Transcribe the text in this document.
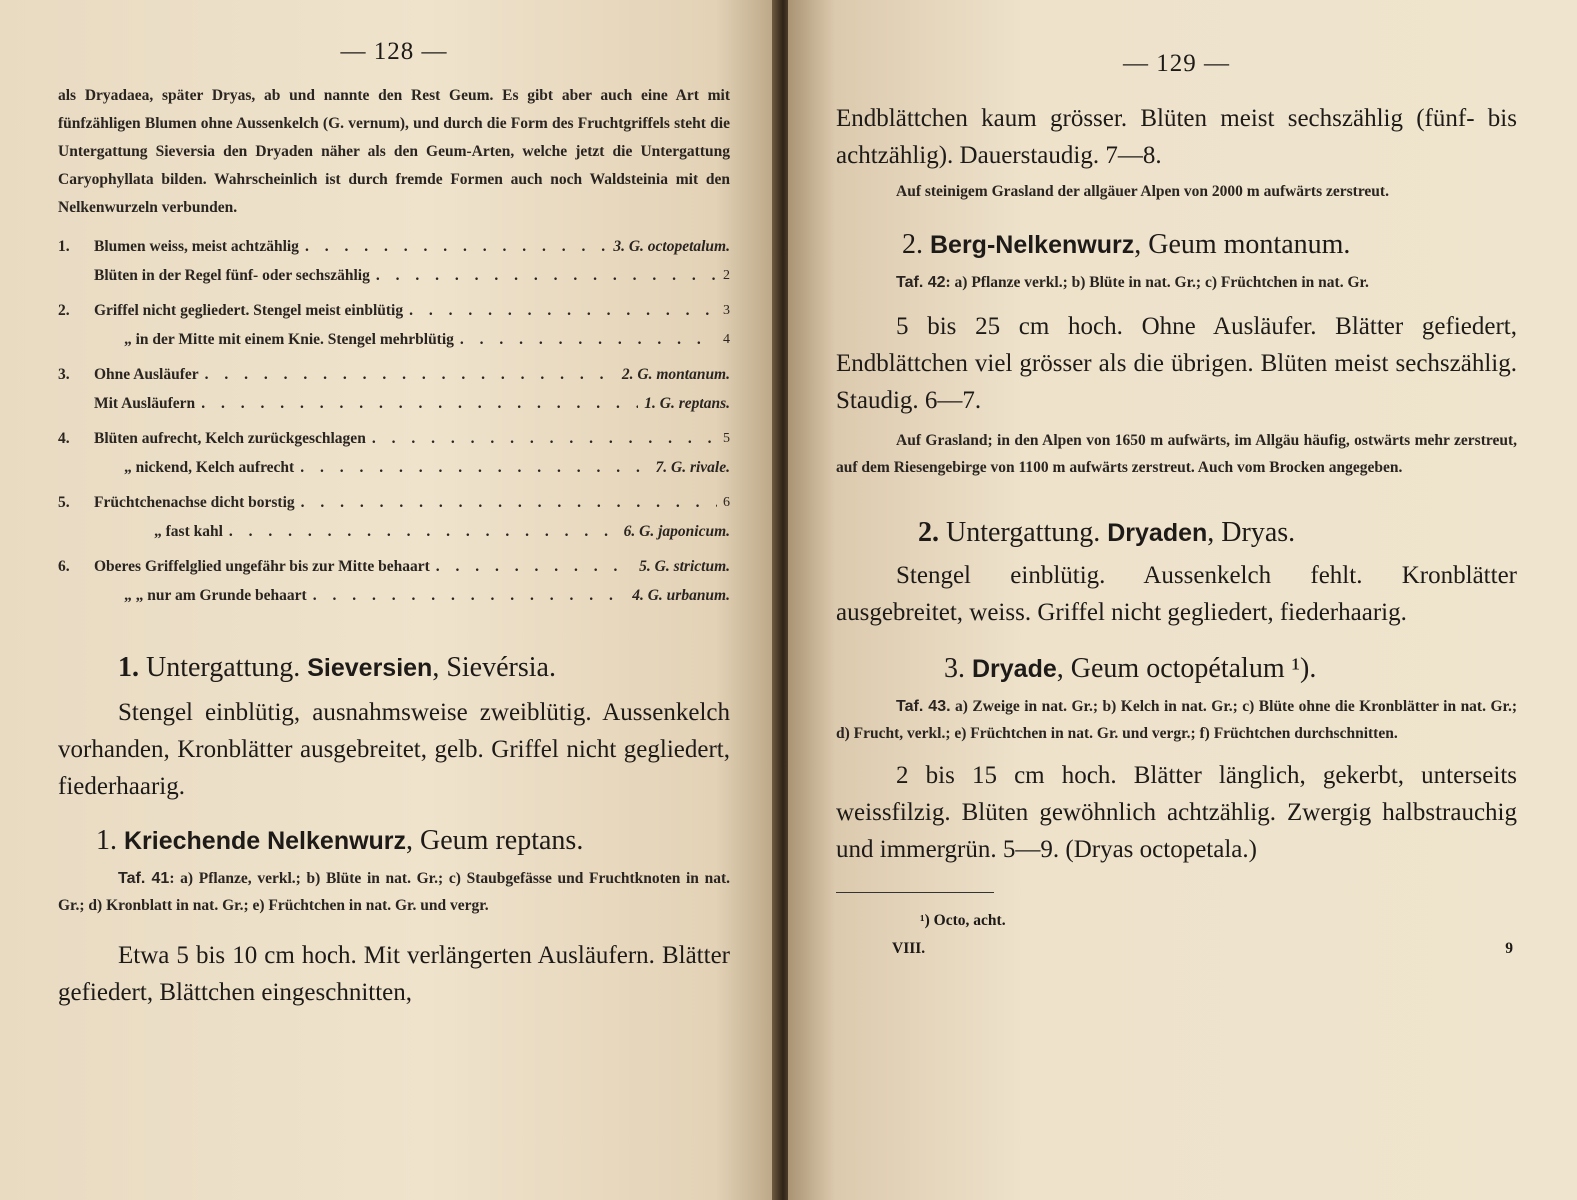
— 128 —
als Dryadaea, später Dryas, ab und nannte den Rest Geum. Es gibt aber auch eine Art mit fünfzähligen Blumen ohne Aussenkelch (G. vernum), und durch die Form des Fruchtgriffels steht die Untergattung Sieversia den Dryaden näher als den Geum-Arten, welche jetzt die Untergattung Caryophyllata bilden. Wahrscheinlich ist durch fremde Formen auch noch Waldsteinia mit den Nelkenwurzeln verbunden.
1.	Blumen weiss, meist achtzählig . . .	3. G. octopetalum.
Blüten in der Regel fünf- oder sechszählig . . .	2
2.	Griffel nicht gegliedert. Stengel meist einblütig . . .	3
„ in der Mitte mit einem Knie. Stengel mehrblütig . . .	4
3.	Ohne Ausläufer . . .	2. G. montanum.
Mit Ausläufern . . .	1. G. reptans.
4.	Blüten aufrecht, Kelch zurückgeschlagen . . .	5
„ nickend, Kelch aufrecht . . .	7. G. rivale.
5.	Früchtchenachse dicht borstig . . .	6
„ fast kahl . . .	6. G. japonicum.
6.	Oberes Griffelglied ungefähr bis zur Mitte behaart . . .	5. G. strictum.
„ „ nur am Grunde behaart . . .	4. G. urbanum.
1. Untergattung. Sieversien, Sievérsia.
Stengel einblütig, ausnahmsweise zweiblütig. Aussenkelch vorhanden, Kronblätter ausgebreitet, gelb. Griffel nicht gegliedert, fiederhaarig.
1. Kriechende Nelkenwurz, Geum reptans.
Taf. 41: a) Pflanze, verkl.; b) Blüte in nat. Gr.; c) Staubgefässe und Fruchtknoten in nat. Gr.; d) Kronblatt in nat. Gr.; e) Früchtchen in nat. Gr. und vergr.
Etwa 5 bis 10 cm hoch. Mit verlängerten Ausläufern. Blätter gefiedert, Blättchen eingeschnitten,
— 129 —
Endblättchen kaum grösser. Blüten meist sechszählig (fünf- bis achtzählig). Dauerstaudig. 7—8.
Auf steinigem Grasland der allgäuer Alpen von 2000 m aufwärts zerstreut.
2. Berg-Nelkenwurz, Geum montanum.
Taf. 42: a) Pflanze verkl.; b) Blüte in nat. Gr.; c) Früchtchen in nat. Gr.
5 bis 25 cm hoch. Ohne Ausläufer. Blätter gefiedert, Endblättchen viel grösser als die übrigen. Blüten meist sechszählig. Staudig. 6—7.
Auf Grasland; in den Alpen von 1650 m aufwärts, im Allgäu häufig, ostwärts mehr zerstreut, auf dem Riesengebirge von 1100 m aufwärts zerstreut. Auch vom Brocken angegeben.
2. Untergattung. Dryaden, Dryas.
Stengel einblütig. Aussenkelch fehlt. Kronblätter ausgebreitet, weiss. Griffel nicht gegliedert, fiederhaarig.
3. Dryade, Geum octopétalum ¹).
Taf. 43. a) Zweige in nat. Gr.; b) Kelch in nat. Gr.; c) Blüte ohne die Kronblätter in nat. Gr.; d) Frucht, verkl.; e) Früchtchen in nat. Gr. und vergr.; f) Früchtchen durchschnitten.
2 bis 15 cm hoch. Blätter länglich, gekerbt, unterseits weissfilzig. Blüten gewöhnlich achtzählig. Zwergig halbstrauchig und immergrün. 5—9. (Dryas octopetala.)
¹) Octo, acht.
VIII.	9
